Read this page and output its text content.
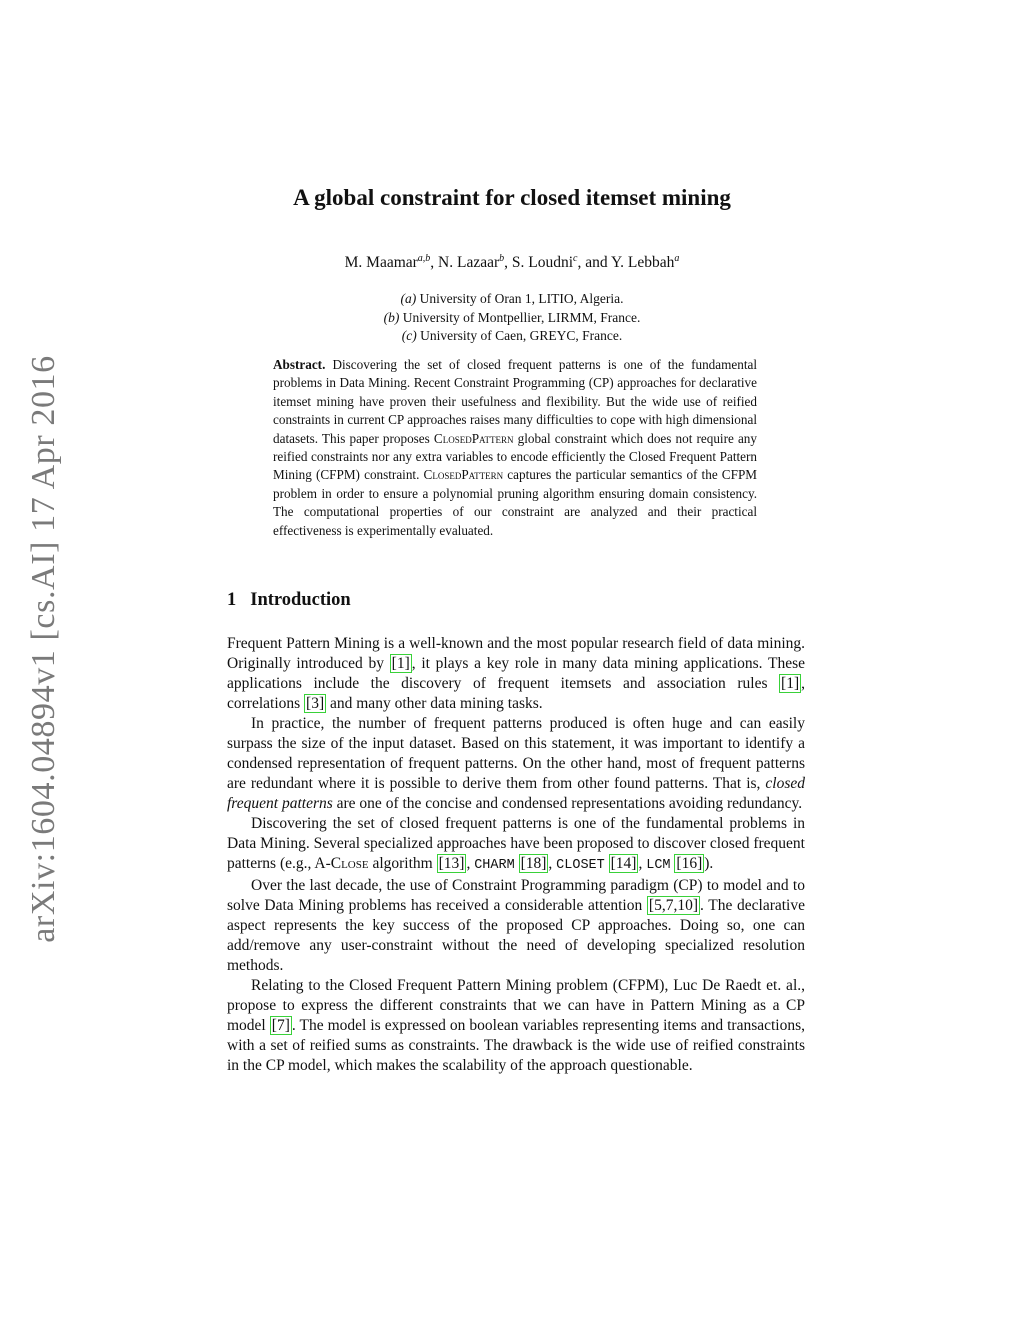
arXiv:1604.04894v1 [cs.AI] 17 Apr 2016
A global constraint for closed itemset mining
M. Maamar$^{a,b}$, N. Lazaar$^b$, S. Loudni$^c$, and Y. Lebbah$^a$
(a) University of Oran 1, LITIO, Algeria.
(b) University of Montpellier, LIRMM, France.
(c) University of Caen, GREYC, France.

Abstract. Discovering the set of closed frequent patterns is one of the fundamental problems in Data Mining. Recent Constraint Programming (CP) approaches for declarative itemset mining have proven their usefulness and flexibility. But the wide use of reified constraints in current CP approaches raises many difficulties to cope with high dimensional datasets. This paper proposes ClosedPattern global constraint which does not require any reified constraints nor any extra variables to encode efficiently the Closed Frequent Pattern Mining (CFPM) constraint. ClosedPattern captures the particular semantics of the CFPM problem in order to ensure a polynomial pruning algorithm ensuring domain consistency. The computational properties of our constraint are analyzed and their practical effectiveness is experimentally evaluated.

1 Introduction

Frequent Pattern Mining is a well-known and the most popular research field of data mining. Originally introduced by [1] , it plays a key role in many data mining applications. These applications include the discovery of frequent itemsets and association rules [1] , correlations [3] and many other data mining tasks.

In practice, the number of frequent patterns produced is often huge and can easily surpass the size of the input dataset. Based on this statement, it was important to identify a condensed representation of frequent patterns. On the other hand, most of frequent patterns are redundant where it is possible to derive them from other found patterns. That is, closed frequent patterns are one of the concise and condensed representations avoiding redundancy.

Discovering the set of closed frequent patterns is one of the fundamental problems in Data Mining. Several specialized approaches have been proposed to discover closed frequent patterns (e.g., A-Close algorithm [13] , CHARM [18] , CLOSET [14] , LCM [16] ).

Over the last decade, the use of Constraint Programming paradigm (CP) to model and to solve Data Mining problems has received a considerable attention [5,7,10] . The declarative aspect represents the key success of the proposed CP approaches. Doing so, one can add/remove any user-constraint without the need of developing specialized resolution methods.

Relating to the Closed Frequent Pattern Mining problem (CFPM), Luc De Raedt et. al., propose to express the different constraints that we can have in Pattern Mining as a CP model [7] . The model is expressed on boolean variables representing items and transactions, with a set of reified sums as constraints. The drawback is the wide use of reified constraints in the CP model, which makes the scalability of the approach questionable.
